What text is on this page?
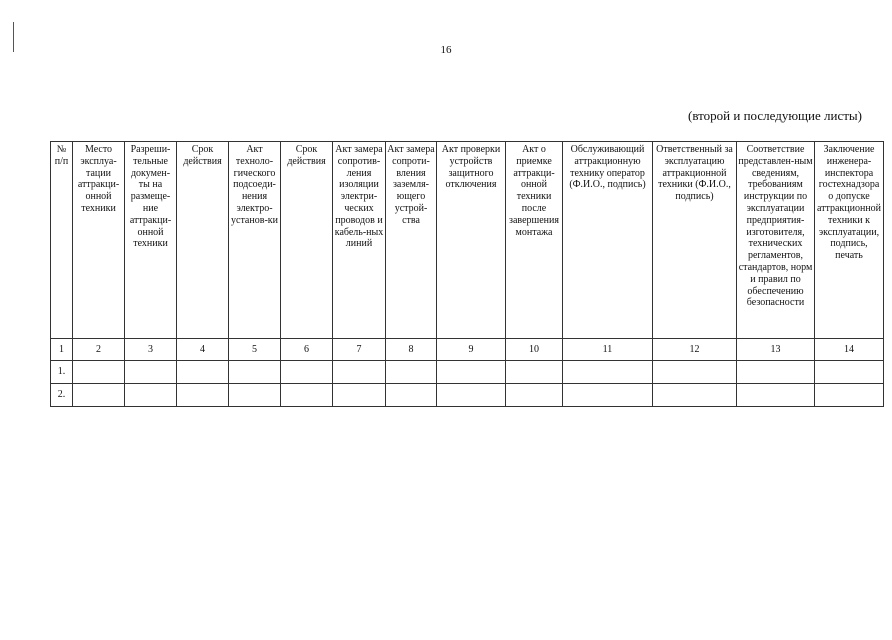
16
(второй и последующие листы)
№ п/п	Место эксплуа-тации аттракци-онной техники	Разреши-тельные докумен-ты на размеще-ние аттракци-онной техники	Срок действия	Акт техноло-гического подсоеди-нения электро-установ-ки	Срок действия	Акт замера сопротив-ления изоляции электри-ческих проводов и кабель-ных линий	Акт замера сопроти-вления заземля-ющего устрой-ства	Акт проверки устройств защитного отключения	Акт о приемке аттракци-онной техники после завершения монтажа	Обслуживающий аттракционную технику оператор (Ф.И.О., подпись)	Ответственный за эксплуатацию аттракционной техники (Ф.И.О., подпись)	Соответствие представлен-ным сведениям, требованиям инструкции по эксплуатации предприятия-изготовителя, технических регламентов, стандартов, норм и правил по обеспечению безопасности	Заключение инженера-инспектора гостехнадзора о допуске аттракционной техники к эксплуатации, подпись, печать
1	2	3	4	5	6	7	8	9	10	11	12	13	14
1.													
2.													
